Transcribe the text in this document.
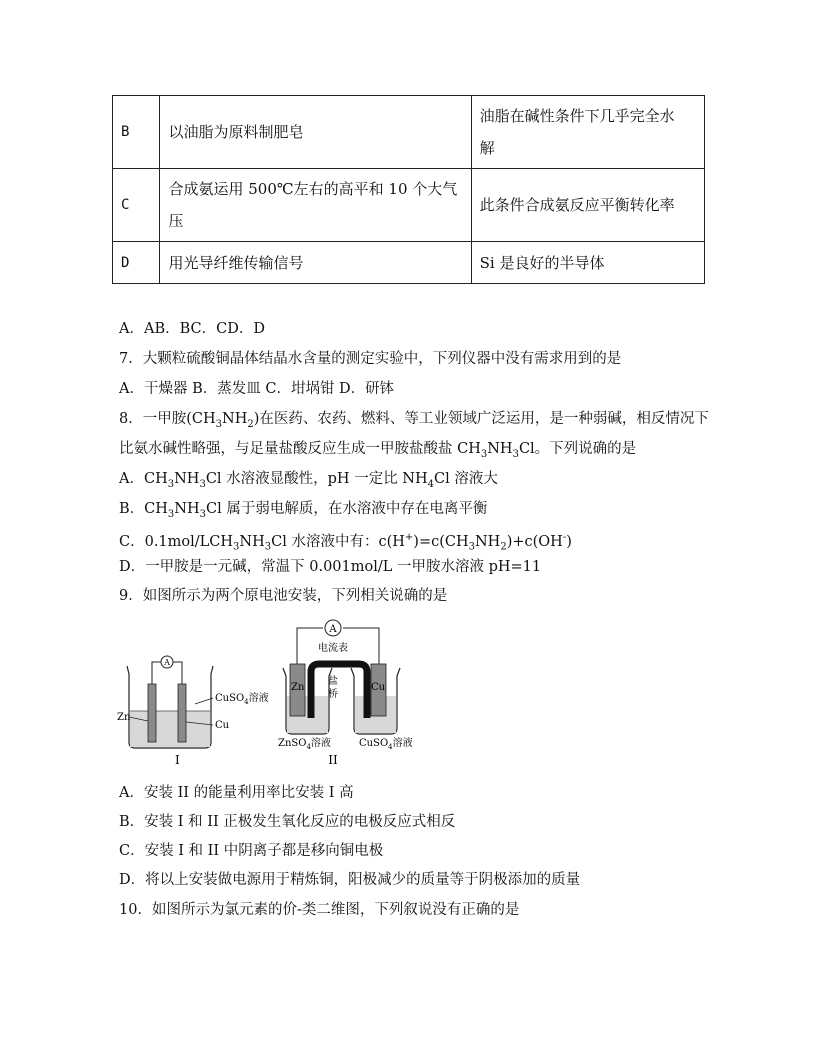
B	以油脂为原料制肥皂	油脂在碱性条件下几乎完全水
解
C	合成氨运用 500℃左右的高平和 10 个大气
压	此条件合成氨反应平衡转化率
D	用光导纤维传输信号	Si 是良好的半导体
A．AB．BC．CD．D
7．大颗粒硫酸铜晶体结晶水含量的测定实验中，下列仪器中没有需求用到的是
A．干燥器 B．蒸发皿 C．坩埚钳 D．研钵
8．一甲胺$(CH_3NH_2)$在医药、农药、燃料、等工业领域广泛运用，是一种弱碱，相反情况下
比氨水碱性略强，与足量盐酸反应生成一甲胺盐酸盐 $CH_3NH_3Cl$。下列说确的是
A．$CH_3NH_3Cl$ 水溶液显酸性，pH 一定比 $NH_4Cl$ 溶液大
B．$CH_3NH_3Cl$ 属于弱电解质，在水溶液中存在电离平衡
C．$0.1mol/LCH_3NH_3Cl$ 水溶液中有：$c(H^+)=c(CH_3NH_2)+c(OH^-)$
D．一甲胺是一元碱，常温下 0.001mol/L 一甲胺水溶液 pH=11
9．如图所示为两个原电池安装，下列相关说确的是
A
CuSO$_4$溶液
Zn
Cu
I
A
电流表
Zn	Cu
盐
桥
ZnSO$_4$溶液	CuSO$_4$溶液
II
A．安装 II 的能量利用率比安装 I 高
B．安装 I 和 II 正极发生氧化反应的电极反应式相反
C．安装 I 和 II 中阴离子都是移向铜电极
D．将以上安装做电源用于精炼铜，阳极减少的质量等于阴极添加的质量
10．如图所示为氯元素的价-类二维图，下列叙说没有正确的是
